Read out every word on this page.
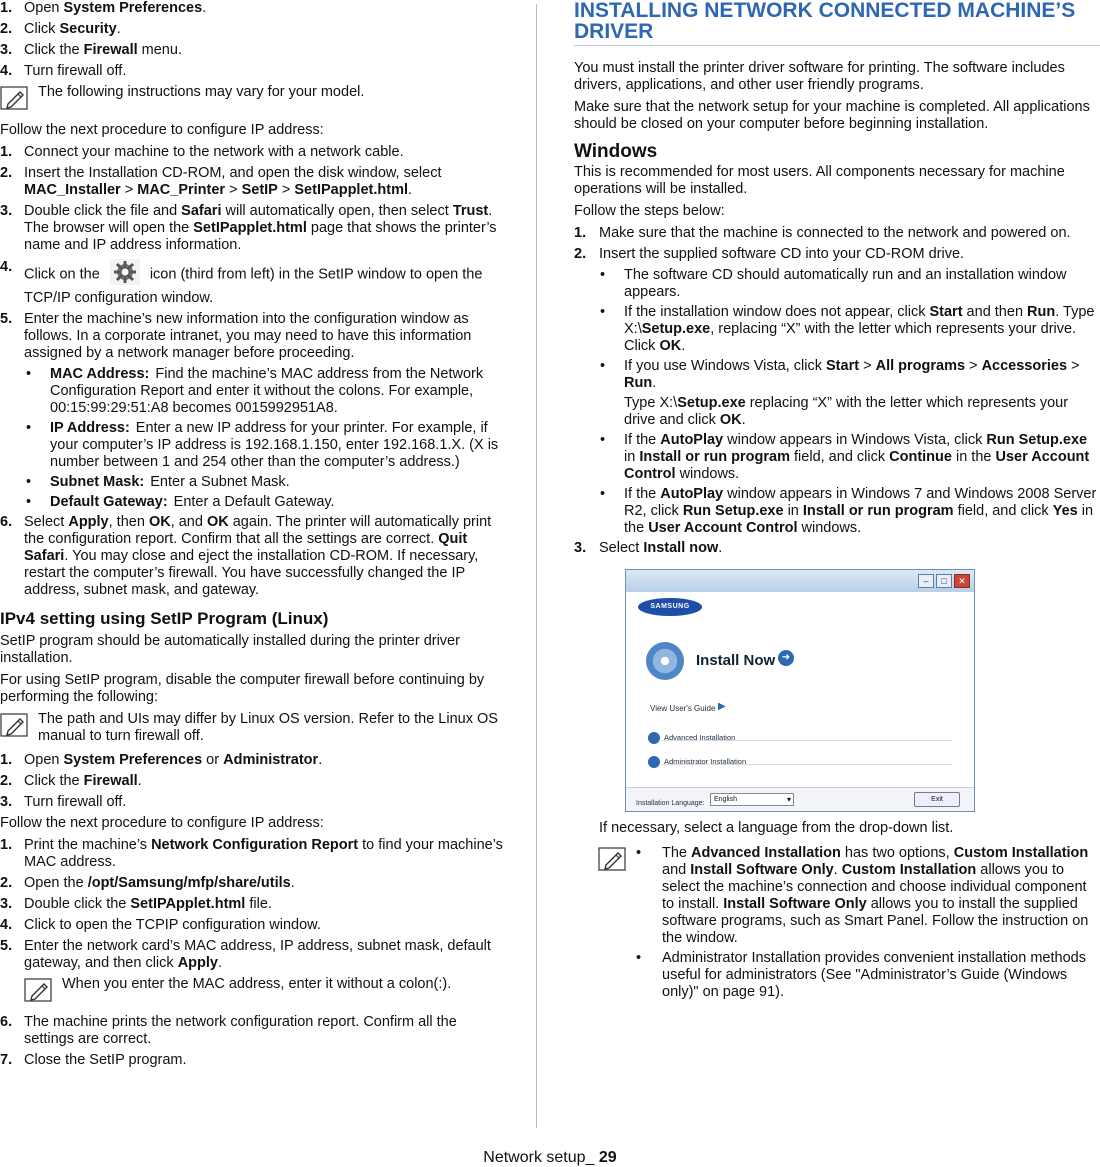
1. Open System Preferences.
2. Click Security.
3. Click the Firewall menu.
4. Turn firewall off.
The following instructions may vary for your model.
Follow the next procedure to configure IP address:
1. Connect your machine to the network with a network cable.
2. Insert the Installation CD-ROM, and open the disk window, select MAC_Installer > MAC_Printer > SetIP > SetIPapplet.html.
3. Double click the file and Safari will automatically open, then select Trust. The browser will open the SetIPapplet.html page that shows the printer’s name and IP address information.
4. Click on the	icon (third from left) in the SetIP window to open the TCP/IP configuration window.
5. Enter the machine’s new information into the configuration window as follows. In a corporate intranet, you may need to have this information assigned by a network manager before proceeding.
•	MAC Address: Find the machine’s MAC address from the Network Configuration Report and enter it without the colons. For example, 00:15:99:29:51:A8 becomes 0015992951A8.
•	IP Address: Enter a new IP address for your printer. For example, if your computer’s IP address is 192.168.1.150, enter 192.168.1.X. (X is number between 1 and 254 other than the computer’s address.)
•	Subnet Mask: Enter a Subnet Mask.
•	Default Gateway: Enter a Default Gateway.
6. Select Apply, then OK, and OK again. The printer will automatically print the configuration report. Confirm that all the settings are correct. Quit Safari. You may close and eject the installation CD-ROM. If necessary, restart the computer’s firewall. You have successfully changed the IP address, subnet mask, and gateway.
IPv4 setting using SetIP Program (Linux)
SetIP program should be automatically installed during the printer driver installation.
For using SetIP program, disable the computer firewall before continuing by performing the following:
The path and UIs may differ by Linux OS version. Refer to the Linux OS manual to turn firewall off.
1. Open System Preferences or Administrator.
2. Click the Firewall.
3. Turn firewall off.
Follow the next procedure to configure IP address:
1. Print the machine’s Network Configuration Report to find your machine’s MAC address.
2. Open the /opt/Samsung/mfp/share/utils.
3. Double click the SetIPApplet.html file.
4. Click to open the TCPIP configuration window.
5. Enter the network card’s MAC address, IP address, subnet mask, default gateway, and then click Apply.
When you enter the MAC address, enter it without a colon(:).
6. The machine prints the network configuration report. Confirm all the settings are correct.
7. Close the SetIP program.
INSTALLING NETWORK CONNECTED MACHINE’S DRIVER
You must install the printer driver software for printing. The software includes drivers, applications, and other user friendly programs.
Make sure that the network setup for your machine is completed. All applications should be closed on your computer before beginning installation.
Windows
This is recommended for most users. All components necessary for machine operations will be installed.
Follow the steps below:
1. Make sure that the machine is connected to the network and powered on.
2. Insert the supplied software CD into your CD-ROM drive.
•	The software CD should automatically run and an installation window appears.
•	If the installation window does not appear, click Start and then Run. Type X:\Setup.exe, replacing “X” with the letter which represents your drive. Click OK.
•	If you use Windows Vista, click Start > All programs > Accessories > Run.
Type X:\Setup.exe replacing “X” with the letter which represents your drive and click OK.
•	If the AutoPlay window appears in Windows Vista, click Run Setup.exe in Install or run program field, and click Continue in the User Account Control windows.
•	If the AutoPlay window appears in Windows 7 and Windows 2008 Server R2, click Run Setup.exe in Install or run program field, and click Yes in the User Account Control windows.
3. Select Install now.
–	□	✕
SAMSUNG
Install Now ➜
View User's Guide ▶
Advanced Installation
Administrator Installation
Installation Language:
English ▾	Exit
If necessary, select a language from the drop-down list.
•	The Advanced Installation has two options, Custom Installation and Install Software Only. Custom Installation allows you to select the machine’s connection and choose individual component to install. Install Software Only allows you to install the supplied software programs, such as Smart Panel. Follow the instruction on the window.
•	Administrator Installation provides convenient installation methods useful for administrators (See "Administrator’s Guide (Windows only)" on page 91).
Network setup_ 29
